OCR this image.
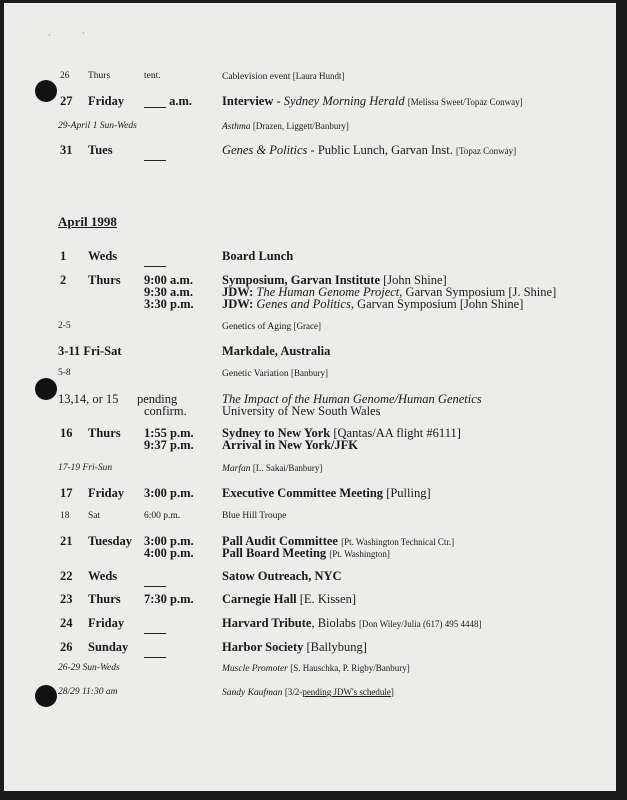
·	·
26 Thurs	tent.	Cablevision event [Laura Hundt]
27 Friday	a.m. Interview - Sydney Morning Herald [Melissa Sweet/Topaz Conway]
29-April 1 Sun-Weds	Asthma [Drazen, Liggett/Banbury]
31 Tues	Genes & Politics - Public Lunch, Garvan Inst. [Topaz Conway]
April 1998
1 Weds	Board Lunch
2 Thurs 9:00 a.m. Symposium, Garvan Institute [John Shine]
9:30 a.m. JDW: The Human Genome Project, Garvan Symposium [J. Shine]
3:30 p.m. JDW: Genes and Politics, Garvan Symposium [John Shine]
2-5	Genetics of Aging [Grace]
3-11 Fri-Sat	Markdale, Australia
5-8	Genetic Variation [Banbury]
13,14, or 15 pending	The Impact of the Human Genome/Human Genetics
confirm.	University of New South Wales
16 Thurs 1:55 p.m. Sydney to New York [Qantas/AA flight #6111]
9:37 p.m. Arrival in New York/JFK
17-19 Fri-Sun	Marfan [L. Sakai/Banbury]
17 Friday 3:00 p.m. Executive Committee Meeting [Pulling]
18 Sat	6:00 p.m.	Blue Hill Troupe
21 Tuesday 3:00 p.m. Pall Audit Committee [Pt. Washington Technical Ctr.]
4:00 p.m. Pall Board Meeting [Pt. Washington]
22 Weds	Satow Outreach, NYC
23 Thurs 7:30 p.m. Carnegie Hall [E. Kissen]
24 Friday	Harvard Tribute, Biolabs [Don Wiley/Julia (617) 495 4448]
26 Sunday	Harbor Society [Ballybung]
26-29 Sun-Weds	Muscle Promoter [S. Hauschka, P. Rigby/Banbury]
28/29 11:30 am	Sandy Kaufman [3/2-pending JDW's schedule]
